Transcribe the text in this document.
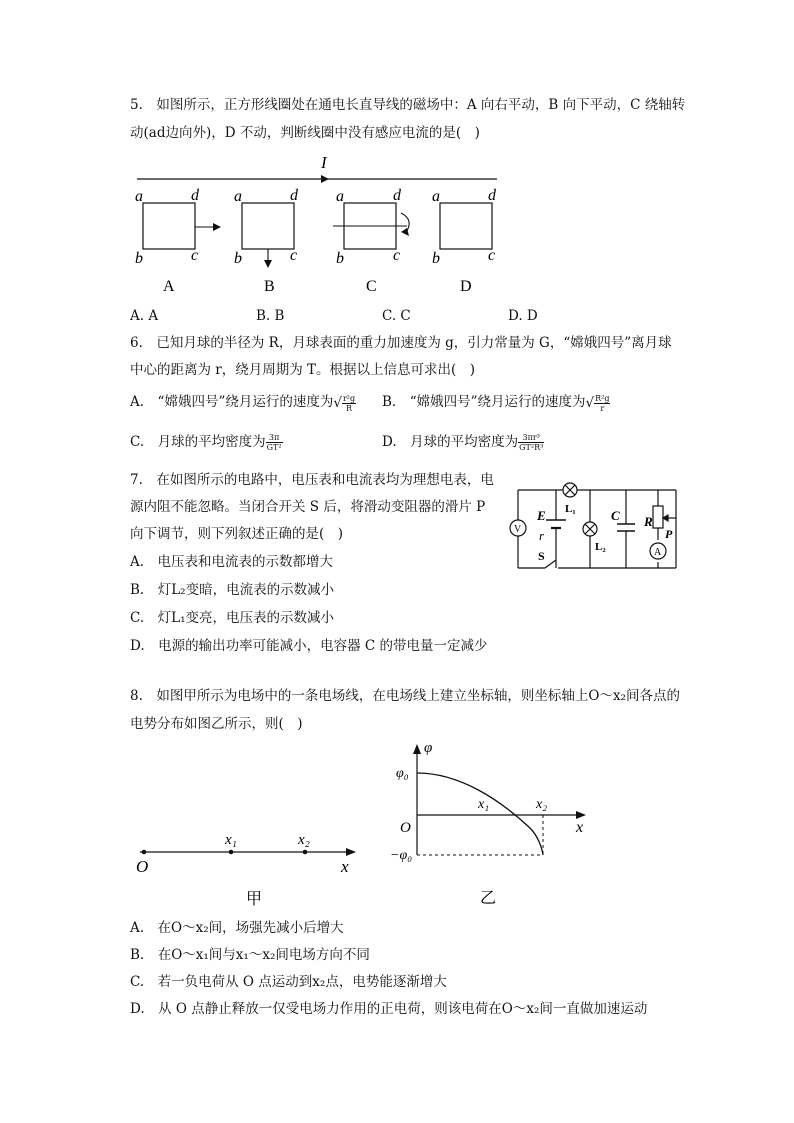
5.　如图所示，正方形线圈处在通电长直导线的磁场中：A 向右平动，B 向下平动，C 绕轴转
动(ad边向外)，D 不动，判断线圈中没有感应电流的是(　)
I
a	d
b	c
a	d
b	c
a	d
b	c
a	d
b	c
A	B	C	D
A. A	B. B	C. C	D. D
6.　已知月球的半径为 R，月球表面的重力加速度为 g，引力常量为 G，“嫦娥四号”离月球
中心的距离为 r，绕月周期为 T。根据以上信息可求出(　)
A.　“嫦娥四号”绕月运行的速度为√ $\frac{\text{r²g}}{R} B$.　“嫦娥四号”绕月运行的速度为√ $\frac{\text{R²g}}{r}$
C.　月球的平均密度为 $\frac{3\pi}{\text{GT²}}$	D.　月球的平均密度为 $\frac{\text{3πr³}}{\text{GT²R³}}$
7.　在如图所示的电路中，电压表和电流表均为理想电表，电
源内阻不能忽略。当闭合开关 S 后，将滑动变阻器的滑片 P
向下调节，则下列叙述正确的是(　)	V
A
E
r
L₁
L₂
C R
P
S
A.　电压表和电流表的示数都增大
B.　灯L₂变暗，电流表的示数减小
C.　灯L₁变亮，电压表的示数减小
D.　电源的输出功率可能减小，电容器 C 的带电量一定减少
8.　如图甲所示为电场中的一条电场线，在电场线上建立坐标轴，则坐标轴上O～x₂间各点的
电势分布如图乙所示，则(　)
O
x₁	x₂
x
甲
φ
φ₀
O
−φ₀
x₁	x₂
x
乙
A.　在O～x₂间，场强先减小后增大
B.　在O～x₁间与x₁～x₂间电场方向不同
C.　若一负电荷从 O 点运动到x₂点，电势能逐渐增大
D.　从 O 点静止释放一仅受电场力作用的正电荷，则该电荷在O～x₂间一直做加速运动
